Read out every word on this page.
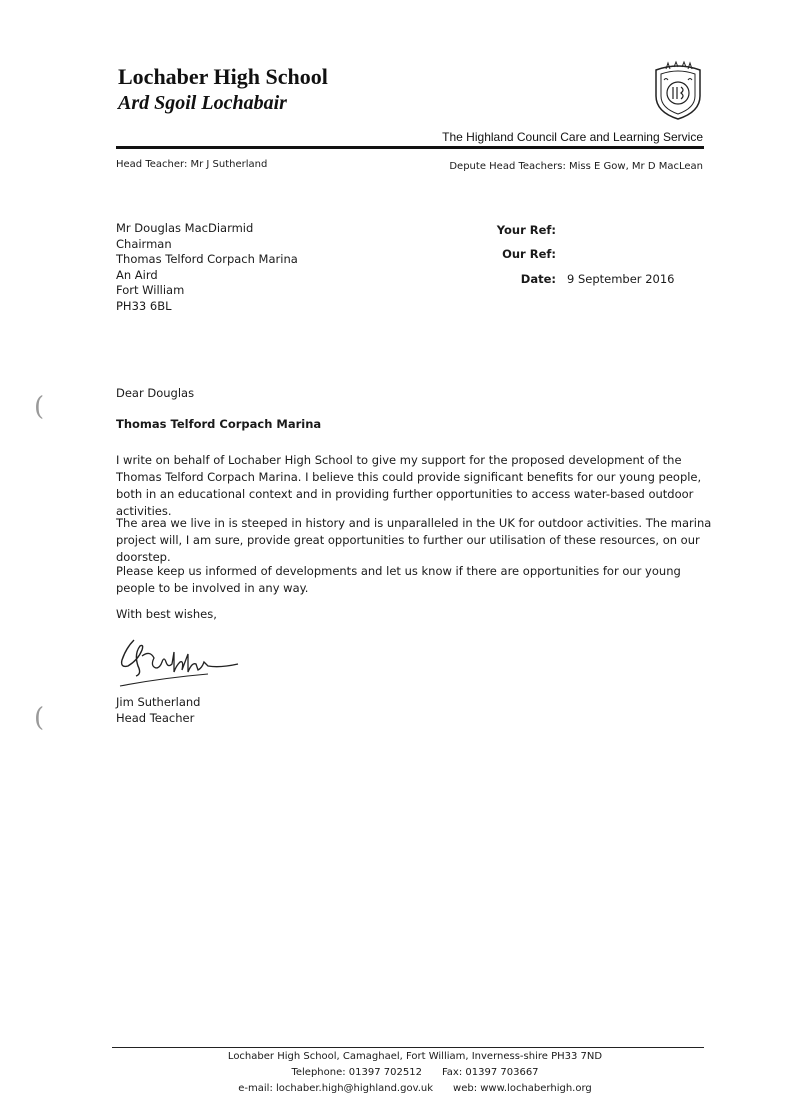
Lochaber High School
Ard Sgoil Lochabair
The Highland Council Care and Learning Service
Head Teacher: Mr J Sutherland	Depute Head Teachers: Miss E Gow, Mr D MacLean
Mr Douglas MacDiarmid
Chairman
Thomas Telford Corpach Marina
An Aird
Fort William
PH33 6BL
Your Ref:
Our Ref:
Date: 9 September 2016
(
(
Dear Douglas
Thomas Telford Corpach Marina
I write on behalf of Lochaber High School to give my support for the proposed development of the Thomas Telford Corpach Marina. I believe this could provide significant benefits for our young people, both in an educational context and in providing further opportunities to access water-based outdoor activities.
The area we live in is steeped in history and is unparalleled in the UK for outdoor activities. The marina project will, I am sure, provide great opportunities to further our utilisation of these resources, on our doorstep.
Please keep us informed of developments and let us know if there are opportunities for our young people to be involved in any way.
With best wishes,
Jim Sutherland
Head Teacher
Lochaber High School, Camaghael, Fort William, Inverness-shire PH33 7ND
Telephone: 01397 702512 Fax: 01397 703667
e-mail: lochaber.high@highland.gov.uk web: www.lochaberhigh.org
